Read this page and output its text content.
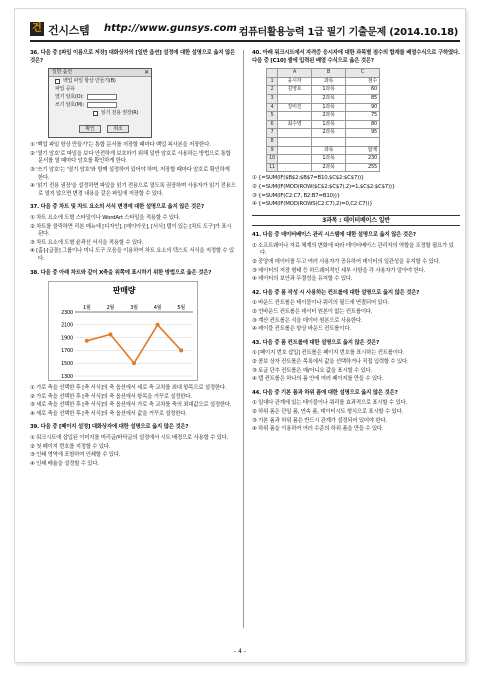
건 건시스템 http://www.gunsys.com 컴퓨터활용능력 1급 필기 기출문제 (2014.10.18)
36. 다음 중 [파일 이름으로 저장] 대화상자의 [일반 옵션] 설정에 대한 설명으로 옳지 않은 것은?
일반 옵션	✕
백업 파일 항상 만들기(B)
파일 공유
열기 암호(O):
쓰기 암호(M):
읽기 전용 권장(R)
확인	취소
① '백업 파일 항상 만들기'는 통합 문서를 저장할 때마다 백업 복사본을 저장한다.
② '열기 암호'로 파일을 보다 안전하게 보호하기 위해 일반 암호로 사용하는 방법으로 통합 문서를 열 때마다 암호를 확인하게 한다.
③ '쓰기 암호'는 '열기 암호'와 함께 설정하여 있어야 하며, 저장할 때마다 암호로 확인하게 한다.
④ '읽기 전용 권장'을 설정하면 파일을 읽기 전용으로 열도록 권장하며 사용자가 읽기 전용으로 열지 않으면 변경 내용을 같은 파일에 저장할 수 있다.
37. 다음 중 차트 및 차트 요소의 서식 변경에 대한 설명으로 옳지 않은 것은?
① 차트 요소에 도형 스타일이나 WordArt 스타일을 적용할 수 있다.
② 차트를 클릭하면 리본 메뉴에 [디자인], [레이아웃], [서식] 탭이 있는 [차트 도구]가 표시된다.
③ 차트 요소에 도형 윤곽선 서식을 적용할 수 있다.
④ [홈]-[글꼴] 그룹이나 미니 도구 모음을 이용하여 차트 요소의 텍스트 서식을 지정할 수 있다.
38. 다음 중 아래 차트와 같이 X축을 위쪽에 표시하기 위한 방법으로 옳은 것은?
판매량
1300
1500
1700
1900
2100
2300
1월	2월	3월	4월	5월
① 가로 축을 선택한 후 [축 서식]의 축 옵션에서 세로 축 교차를 최대 항목으로 설정한다.
② 가로 축을 선택한 후 [축 서식]의 축 옵션에서 항목을 거꾸로 설정한다.
③ 세로 축을 선택한 후 [축 서식]의 축 옵션에서 가로 축 교차를 축의 최대값으로 설정한다.
④ 세로 축을 선택한 후 [축 서식]의 축 옵션에서 값을 거꾸로 설정한다.
39. 다음 중 [페이지 설정] 대화상자에 대한 설명으로 옳지 않은 것은?
① 워크시트에 삽입된 이미지를 머리글/바닥글의 설정에서 시트 배경으로 사용할 수 있다.
② 첫 페이지 번호를 지정할 수 있다.
③ 인쇄 영역에 포함하여 인쇄할 수 있다.
④ 인쇄 배율을 설정할 수 있다.
40. 아래 워크시트에서 자격증 응시자에 대한 과목별 점수의 합계를 배열수식으로 구하였다. 다음 중 [C10] 셀에 입력된 배열 수식으로 옳은 것은?
	A	B	C
1	응시자	과목	점수
2	김영호	1과목	60
3		2과목	85
4	강미진	1과목	90
5		2과목	75
6	최수영	1과목	80
7		2과목	95
8			
9		과목	합계
10		1과목	230
11		2과목	255
① {=SUM(IF($B$2:$B$7=B10,$C$2:$C$7))}
② {=SUM(IF(MOD(ROW($C$2:$C$7),2)=1,$C$2:$C$7))}
③ {=SUM(IF(C2:C7, B2:B7=B10))}
④ {=SUM(IF(MOD(ROWS(C2:C7),2)=0,C2:C7))}
3과목 : 데이터베이스 일반
41. 다음 중 데이터베이스 관리 시스템에 대한 설명으로 옳지 않은 것은?
① 소프트웨어나 자료 체계의 변화에 따라 데이터베이스 관리자의 역할을 조정할 필요가 있다.
② 중앙에 데이터를 두고 여러 사용자가 공유하여 데이터의 일관성을 유지할 수 있다.
③ 데이터의 저장 형태 등 하드웨어적인 세부 사항을 각 사용자가 알아야 한다.
④ 데이터의 보안과 무결성을 유지할 수 있다.
42. 다음 중 폼 작성 시 사용하는 컨트롤에 대한 설명으로 옳지 않은 것은?
① 바운드 컨트롤은 테이블이나 쿼리의 필드에 연결되어 있다.
② 언바운드 컨트롤은 데이터 원본이 없는 컨트롤이다.
③ 계산 컨트롤은 식을 데이터 원본으로 사용한다.
④ 레이블 컨트롤은 항상 바운드 컨트롤이다.
43. 다음 중 폼 컨트롤에 대한 설명으로 옳지 않은 것은?
① [페이지 번호 삽입] 컨트롤은 페이지 번호를 표시하는 컨트롤이다.
② 콤보 상자 컨트롤은 목록에서 값을 선택하거나 직접 입력할 수 있다.
③ 토글 단추 컨트롤은 예/아니요 값을 표시할 수 있다.
④ 탭 컨트롤은 하나의 폼 안에 여러 페이지를 만들 수 있다.
44. 다음 중 기본 폼과 하위 폼에 대한 설명으로 옳지 않은 것은?
① 일대다 관계에 있는 테이블이나 쿼리를 효과적으로 표시할 수 있다.
② 하위 폼은 단일 폼, 연속 폼, 데이터시트 형식으로 표시할 수 있다.
③ 기본 폼과 하위 폼은 반드시 관계가 설정되어 있어야 한다.
④ 하위 폼을 이용하여 여러 수준의 하위 폼을 만들 수 있다.
- 4 -
